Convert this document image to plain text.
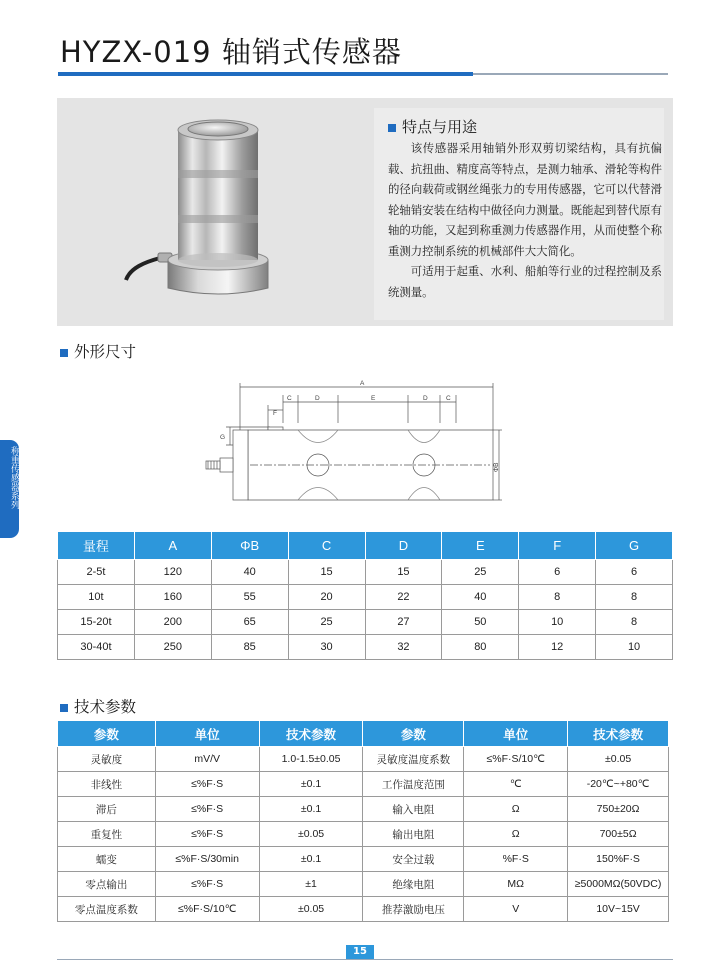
HYZX-019 轴销式传感器
特点与用途

该传感器采用轴销外形双剪切梁结构，具有抗偏载、抗扭曲、精度高等特点，是测力轴承、滑轮等构件的径向载荷或钢丝绳张力的专用传感器，它可以代替滑轮轴销安装在结构中做径向力测量。既能起到替代原有轴的功能，又起到称重测力传感器作用，从而使整个称重测力控制系统的机械部件大大简化。

可适用于起重、水利、船舶等行业的过程控制及系统测量。

外形尺寸
A
C	D	E	D	C
F
G
ΦB
称重传感器系列
量程	A	ΦB	C	D	E	F	G
2-5t	120	40	15	15	25	6	6
10t	160	55	20	22	40	8	8
15-20t	200	65	25	27	50	10	8
30-40t	250	85	30	32	80	12	10
技术参数
参数	单位	技术参数	参数	单位	技术参数
灵敏度	mV/V	1.0-1.5±0.05	灵敏度温度系数	≤%F·S/10℃	±0.05
非线性	≤%F·S	±0.1	工作温度范围	℃	-20℃~+80℃
滞后	≤%F·S	±0.1	输入电阻	Ω	750±20Ω
重复性	≤%F·S	±0.05	输出电阻	Ω	700±5Ω
蠕变	≤%F·S/30min	±0.1	安全过载	%F·S	150%F·S
零点输出	≤%F·S	±1	绝缘电阻	MΩ	≥5000MΩ(50VDC)
零点温度系数	≤%F·S/10℃	±0.05	推荐激励电压	V	10V~15V
15
